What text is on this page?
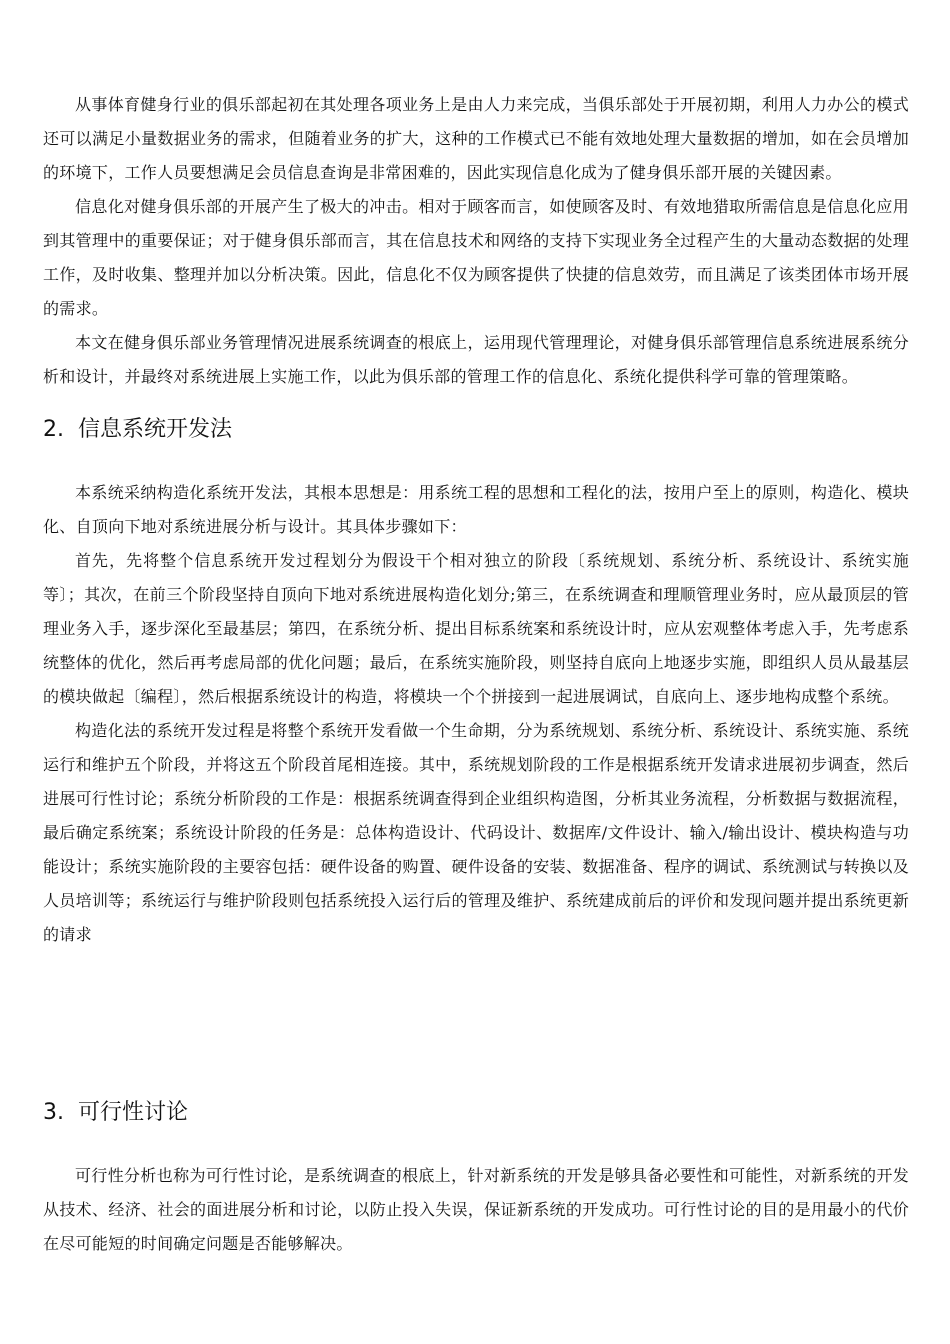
从事体育健身行业的俱乐部起初在其处理各项业务上是由人力来完成，当俱乐部处于开展初期，利用人力办公的模式还可以满足小量数据业务的需求，但随着业务的扩大，这种的工作模式已不能有效地处理大量数据的增加，如在会员增加的环境下，工作人员要想满足会员信息查询是非常困难的，因此实现信息化成为了健身俱乐部开展的关键因素。

信息化对健身俱乐部的开展产生了极大的冲击。相对于顾客而言，如使顾客及时、有效地猎取所需信息是信息化应用到其管理中的重要保证；对于健身俱乐部而言，其在信息技术和网络的支持下实现业务全过程产生的大量动态数据的处理工作，及时收集、整理并加以分析决策。因此，信息化不仅为顾客提供了快捷的信息效劳，而且满足了该类团体市场开展的需求。

本文在健身俱乐部业务管理情况进展系统调查的根底上，运用现代管理理论，对健身俱乐部管理信息系统进展系统分析和设计，并最终对系统进展上实施工作，以此为俱乐部的管理工作的信息化、系统化提供科学可靠的管理策略。

2. 信息系统开发法

本系统采纳构造化系统开发法，其根本思想是：用系统工程的思想和工程化的法，按用户至上的原则，构造化、模块化、自顶向下地对系统进展分析与设计。其具体步骤如下：

首先，先将整个信息系统开发过程划分为假设干个相对独立的阶段〔系统规划、系统分析、系统设计、系统实施等〕；其次，在前三个阶段坚持自顶向下地对系统进展构造化划分;第三，在系统调查和理顺管理业务时，应从最顶层的管理业务入手，逐步深化至最基层；第四，在系统分析、提出目标系统案和系统设计时，应从宏观整体考虑入手，先考虑系统整体的优化，然后再考虑局部的优化问题；最后，在系统实施阶段，则坚持自底向上地逐步实施，即组织人员从最基层的模块做起〔编程〕，然后根据系统设计的构造，将模块一个个拼接到一起进展调试，自底向上、逐步地构成整个系统。

构造化法的系统开发过程是将整个系统开发看做一个生命期，分为系统规划、系统分析、系统设计、系统实施、系统运行和维护五个阶段，并将这五个阶段首尾相连接。其中，系统规划阶段的工作是根据系统开发请求进展初步调查，然后进展可行性讨论；系统分析阶段的工作是：根据系统调查得到企业组织构造图，分析其业务流程，分析数据与数据流程，最后确定系统案；系统设计阶段的任务是：总体构造设计、代码设计、数据库/文件设计、输入/输出设计、模块构造与功能设计；系统实施阶段的主要容包括：硬件设备的购置、硬件设备的安装、数据准备、程序的调试、系统测试与转换以及人员培训等；系统运行与维护阶段则包括系统投入运行后的管理及维护、系统建成前后的评价和发现问题并提出系统更新的请求

3. 可行性讨论

可行性分析也称为可行性讨论，是系统调查的根底上，针对新系统的开发是够具备必要性和可能性，对新系统的开发从技术、经济、社会的面进展分析和讨论，以防止投入失误，保证新系统的开发成功。可行性讨论的目的是用最小的代价在尽可能短的时间确定问题是否能够解决。
